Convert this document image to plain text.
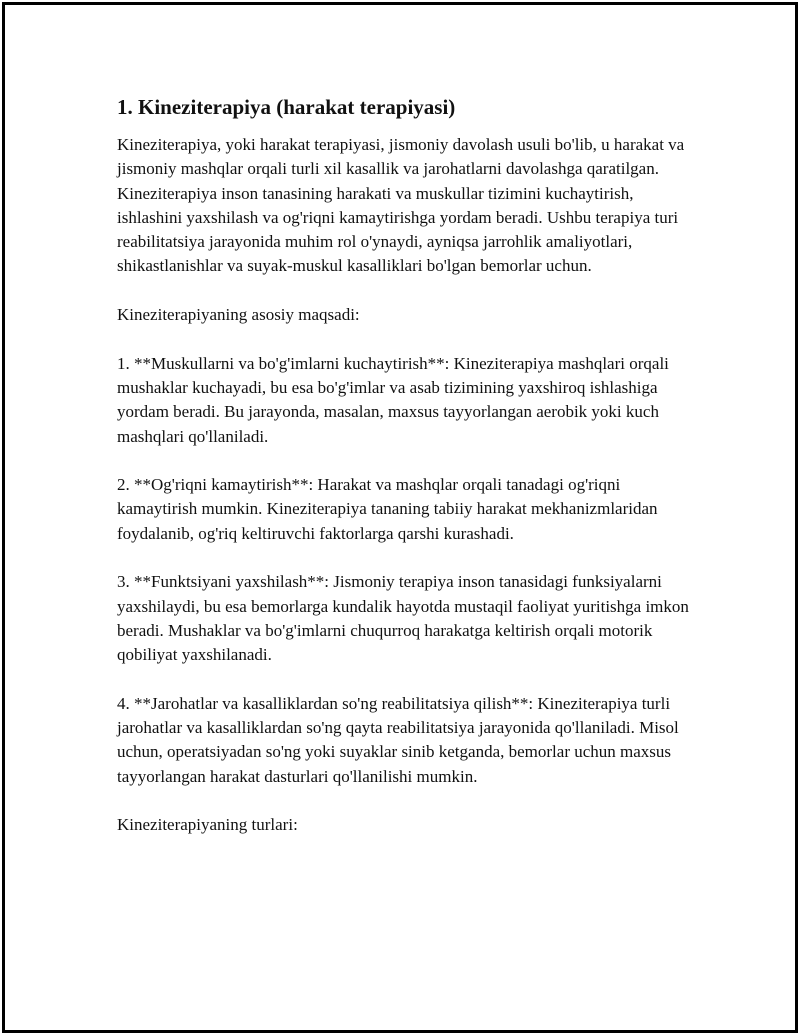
1. Kineziterapiya (harakat terapiyasi)

Kineziterapiya, yoki harakat terapiyasi, jismoniy davolash usuli bo'lib, u harakat va jismoniy mashqlar orqali turli xil kasallik va jarohatlarni davolashga qaratilgan. Kineziterapiya inson tanasining harakati va muskullar tizimini kuchaytirish, ishlashini yaxshilash va og'riqni kamaytirishga yordam beradi. Ushbu terapiya turi reabilitatsiya jarayonida muhim rol o'ynaydi, ayniqsa jarrohlik amaliyotlari, shikastlanishlar va suyak-muskul kasalliklari bo'lgan bemorlar uchun.

Kineziterapiyaning asosiy maqsadi:

1. **Muskullarni va bo'g'imlarni kuchaytirish**: Kineziterapiya mashqlari orqali mushaklar kuchayadi, bu esa bo'g'imlar va asab tizimining yaxshiroq ishlashiga yordam beradi. Bu jarayonda, masalan, maxsus tayyorlangan aerobik yoki kuch mashqlari qo'llaniladi.

2. **Og'riqni kamaytirish**: Harakat va mashqlar orqali tanadagi og'riqni kamaytirish mumkin. Kineziterapiya tananing tabiiy harakat mekhanizmlaridan foydalanib, og'riq keltiruvchi faktorlarga qarshi kurashadi.

3. **Funktsiyani yaxshilash**: Jismoniy terapiya inson tanasidagi funksiyalarni yaxshilaydi, bu esa bemorlarga kundalik hayotda mustaqil faoliyat yuritishga imkon beradi. Mushaklar va bo'g'imlarni chuqurroq harakatga keltirish orqali motorik qobiliyat yaxshilanadi.

4. **Jarohatlar va kasalliklardan so'ng reabilitatsiya qilish**: Kineziterapiya turli jarohatlar va kasalliklardan so'ng qayta reabilitatsiya jarayonida qo'llaniladi. Misol uchun, operatsiyadan so'ng yoki suyaklar sinib ketganda, bemorlar uchun maxsus tayyorlangan harakat dasturlari qo'llanilishi mumkin.

Kineziterapiyaning turlari:
